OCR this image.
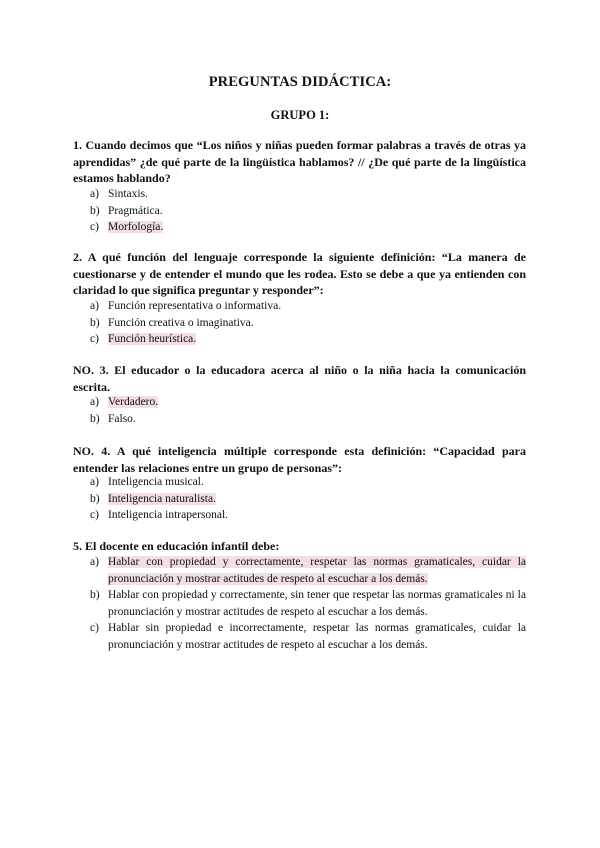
PREGUNTAS DIDÁCTICA:
GRUPO 1:
1. Cuando decimos que “Los niños y niñas pueden formar palabras a través de otras ya aprendidas” ¿de qué parte de la lingüística hablamos? // ¿De qué parte de la lingüística estamos hablando?
a) Sintaxis.
b) Pragmática.
c) Morfología.
2. A qué función del lenguaje corresponde la siguiente definición: “La manera de cuestionarse y de entender el mundo que les rodea. Esto se debe a que ya entienden con claridad lo que significa preguntar y responder”:
a) Función representativa o informativa.
b) Función creativa o imaginativa.
c) Función heurística.
NO. 3. El educador o la educadora acerca al niño o la niña hacia la comunicación escrita.
a) Verdadero.
b) Falso.
NO. 4. A qué inteligencia múltiple corresponde esta definición: “Capacidad para entender las relaciones entre un grupo de personas”:
a) Inteligencia musical.
b) Inteligencia naturalista.
c) Inteligencia intrapersonal.
5. El docente en educación infantil debe:
a) Hablar con propiedad y correctamente, respetar las normas gramaticales, cuidar la pronunciación y mostrar actitudes de respeto al escuchar a los demás.
b) Hablar con propiedad y correctamente, sin tener que respetar las normas gramaticales ni la pronunciación y mostrar actitudes de respeto al escuchar a los demás.
c) Hablar sin propiedad e incorrectamente, respetar las normas gramaticales, cuidar la pronunciación y mostrar actitudes de respeto al escuchar a los demás.
